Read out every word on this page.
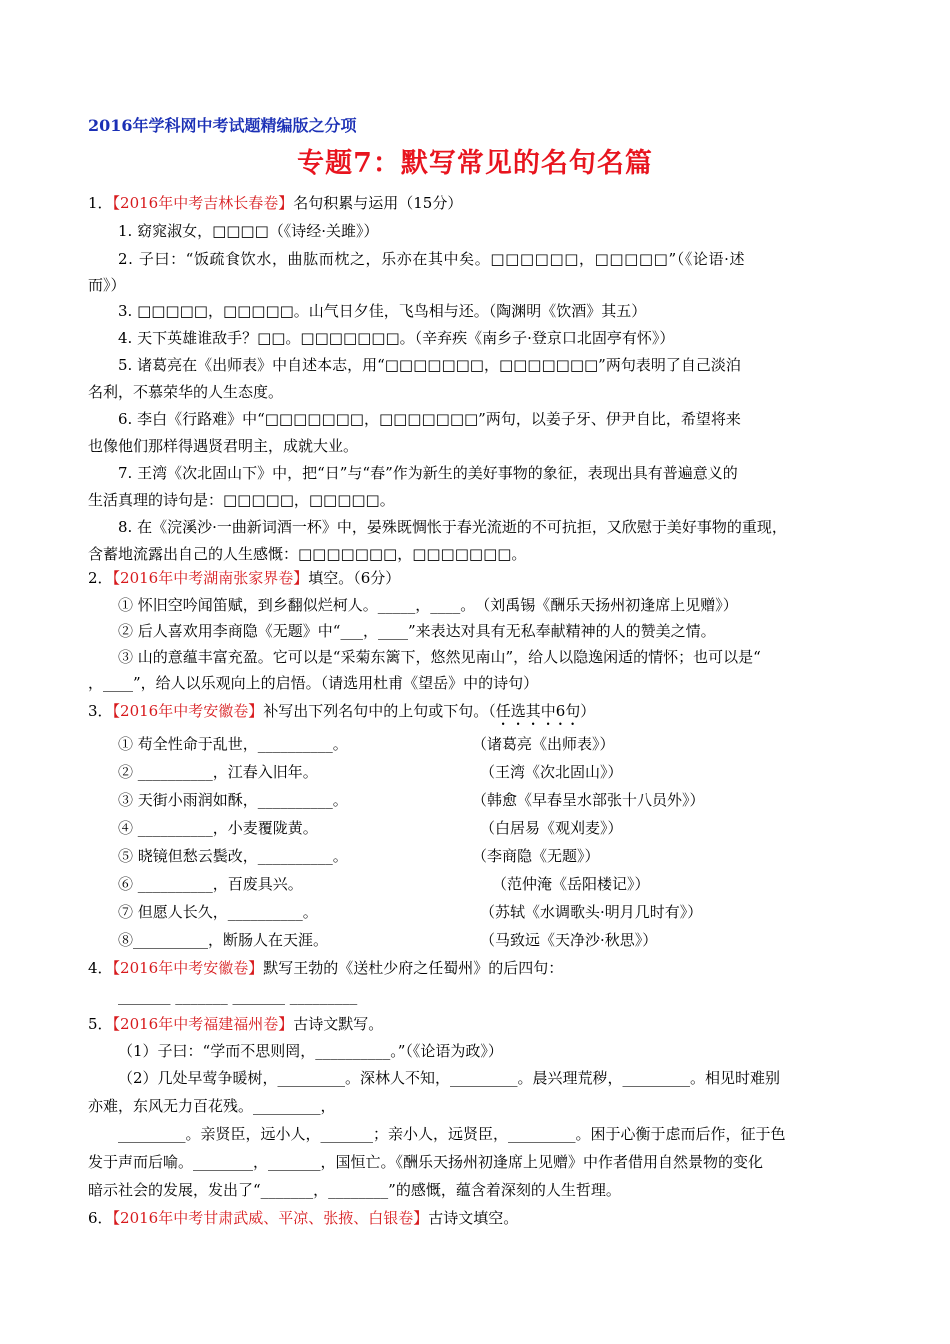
2016年学科网中考试题精编版之分项
专题7：默写常见的名句名篇
1．【2016年中考吉林长春卷】名句积累与运用（15分）
1. 窈窕淑女，□□□□（《诗经·关雎》）
2. 子曰：“饭疏食饮水，曲肱而枕之，乐亦在其中矣。□□□□□□，□□□□□”（《论语·述
而》）
3. □□□□□，□□□□□。山气日夕佳，飞鸟相与还。（陶渊明《饮酒》其五）
4. 天下英雄谁敌手？□□。□□□□□□□。（辛弃疾《南乡子·登京口北固亭有怀》）
5. 诸葛亮在《出师表》中自述本志，用“□□□□□□□，□□□□□□□”两句表明了自己淡泊
名利，不慕荣华的人生态度。
6. 李白《行路难》中“□□□□□□□，□□□□□□□”两句，以姜子牙、伊尹自比，希望将来
也像他们那样得遇贤君明主，成就大业。
7. 王湾《次北固山下》中，把“日”与“春”作为新生的美好事物的象征，表现出具有普遍意义的
生活真理的诗句是：□□□□□，□□□□□。
8. 在《浣溪沙·一曲新词酒一杯》中，晏殊既惆怅于春光流逝的不可抗拒，又欣慰于美好事物的重现，
含蓄地流露出自己的人生感慨：□□□□□□□，□□□□□□□。
2．【2016年中考湖南张家界卷】填空。（6分）
① 怀旧空吟闻笛赋，到乡翻似烂柯人。_____，____。　（刘禹锡《酬乐天扬州初逢席上见赠》）
② 后人喜欢用李商隐《无题》中“___，____”来表达对具有无私奉献精神的人的赞美之情。
③ 山的意蕴丰富充盈。它可以是“采菊东篱下，悠然见南山”，给人以隐逸闲适的情怀；也可以是“
，____”，给人以乐观向上的启悟。（请选用杜甫《望岳》中的诗句）
3．【2016年中考安徽卷】补写出下列名句中的上句或下句。（任选其中6句）
① 苟全性命于乱世，__________。	（诸葛亮《出师表》）
② __________，江春入旧年。	（王湾《次北固山》）
③ 天街小雨润如酥，__________。	（韩愈《早春呈水部张十八员外》）
④ __________，小麦覆陇黄。	（白居易《观刈麦》）
⑤ 晓镜但愁云鬓改，__________。	（李商隐《无题》）
⑥ __________，百废具兴。	（范仲淹《岳阳楼记》）
⑦ 但愿人长久，__________。	（苏轼《水调歌头·明月几时有》）
⑧__________，断肠人在天涯。	（马致远《天净沙·秋思》）
4．【2016年中考安徽卷】默写王勃的《送杜少府之任蜀州》的后四句：
_______ _______ _______ _________
5．【2016年中考福建福州卷】古诗文默写。
（1）子曰：“学而不思则罔，__________。”（《论语为政》）
（2）几处早莺争暖树，_________。深林人不知，_________。晨兴理荒秽，_________。相见时难别
亦难，东风无力百花残。_________，
_________。亲贤臣，远小人，_______；亲小人，远贤臣，_________。困于心衡于虑而后作，征于色
发于声而后喻。________，_______，国恒亡。《酬乐天扬州初逢席上见赠》中作者借用自然景物的变化
暗示社会的发展，发出了“_______，________”的感慨，蕴含着深刻的人生哲理。
6．【2016年中考甘肃武威、平凉、张掖、白银卷】古诗文填空。
